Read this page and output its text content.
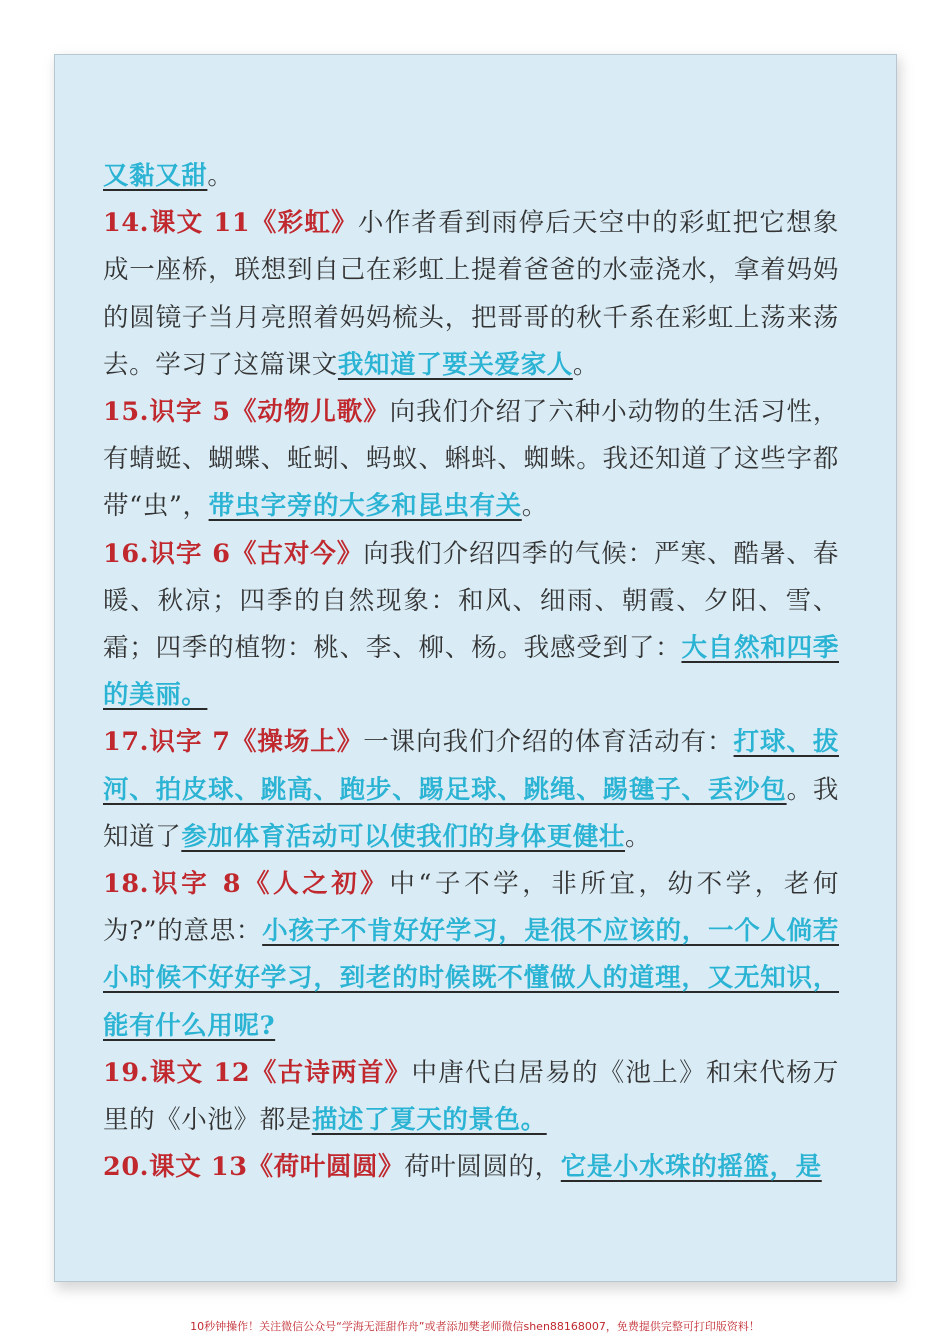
又黏又甜。

14.课文 11《彩虹》小作者看到雨停后天空中的彩虹把它想象成一座桥，联想到自己在彩虹上提着爸爸的水壶浇水，拿着妈妈的圆镜子当月亮照着妈妈梳头，把哥哥的秋千系在彩虹上荡来荡去。学习了这篇课文我知道了要关爱家人。

15.识字 5《动物儿歌》向我们介绍了六种小动物的生活习性，有蜻蜓、蝴蝶、蚯蚓、蚂蚁、蝌蚪、蜘蛛。我还知道了这些字都带“虫”，带虫字旁的大多和昆虫有关。

16.识字 6《古对今》向我们介绍四季的气候：严寒、酷暑、春暖、秋凉；四季的自然现象：和风、细雨、朝霞、夕阳、雪、霜；四季的植物：桃、李、柳、杨。我感受到了：大自然和四季的美丽。

17.识字 7《操场上》一课向我们介绍的体育活动有：打球、拔河、拍皮球、跳高、跑步、踢足球、跳绳、踢毽子、丢沙包。我知道了参加体育活动可以使我们的身体更健壮。

18.识字 8《人之初》中“子不学，非所宜，幼不学，老何为?”的意思：小孩子不肯好好学习，是很不应该的，一个人倘若小时候不好好学习，到老的时候既不懂做人的道理，又无知识，能有什么用呢?

19.课文 12《古诗两首》中唐代白居易的《池上》和宋代杨万里的《小池》都是描述了夏天的景色。

20.课文 13《荷叶圆圆》荷叶圆圆的，它是小水珠的摇篮，是

10秒钟操作！关注微信公众号“学海无涯甜作舟”或者添加樊老师微信shen88168007，免费提供完整可打印版资料！
